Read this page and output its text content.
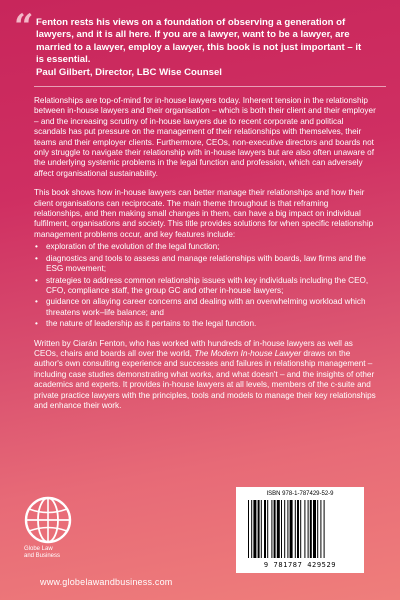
“ Fenton rests his views on a foundation of observing a generation of lawyers, and it is all here. If you are a lawyer, want to be a lawyer, are married to a lawyer, employ a lawyer, this book is not just important – it is essential.
Paul Gilbert, Director, LBC Wise Counsel

Relationships are top-of-mind for in-house lawyers today. Inherent tension in the relationship between in-house lawyers and their organisation – which is both their client and their employer – and the increasing scrutiny of in-house lawyers due to recent corporate and political scandals has put pressure on the management of their relationships with themselves, their teams and their employer clients. Furthermore, CEOs, non-executive directors and boards not only struggle to navigate their relationship with in-house lawyers but are also often unaware of the underlying systemic problems in the legal function and profession, which can adversely affect organisational sustainability.

This book shows how in-house lawyers can better manage their relationships and how their client organisations can reciprocate. The main theme throughout is that reframing relationships, and then making small changes in them, can have a big impact on individual fulfilment, organisations and society. This title provides solutions for when specific relationship management problems occur, and key features include:

• exploration of the evolution of the legal function;
• diagnostics and tools to assess and manage relationships with boards, law firms and the ESG movement;
• strategies to address common relationship issues with key individuals including the CEO, CFO, compliance staff, the group GC and other in-house lawyers;
• guidance on allaying career concerns and dealing with an overwhelming workload which threatens work–life balance; and
• the nature of leadership as it pertains to the legal function.

Written by Ciarán Fenton, who has worked with hundreds of in-house lawyers as well as CEOs, chairs and boards all over the world, The Modern In-house Lawyer draws on the author's own consulting experience and successes and failures in relationship management – including case studies demonstrating what works, and what doesn't – and the insights of other academics and experts. It provides in-house lawyers at all levels, members of the c-suite and private practice lawyers with the principles, tools and models to manage their key relationships and enhance their work.

Globe Law
and Business
www.globelawandbusiness.com
ISBN 978-1-787429-52-9
9 781787 429529
